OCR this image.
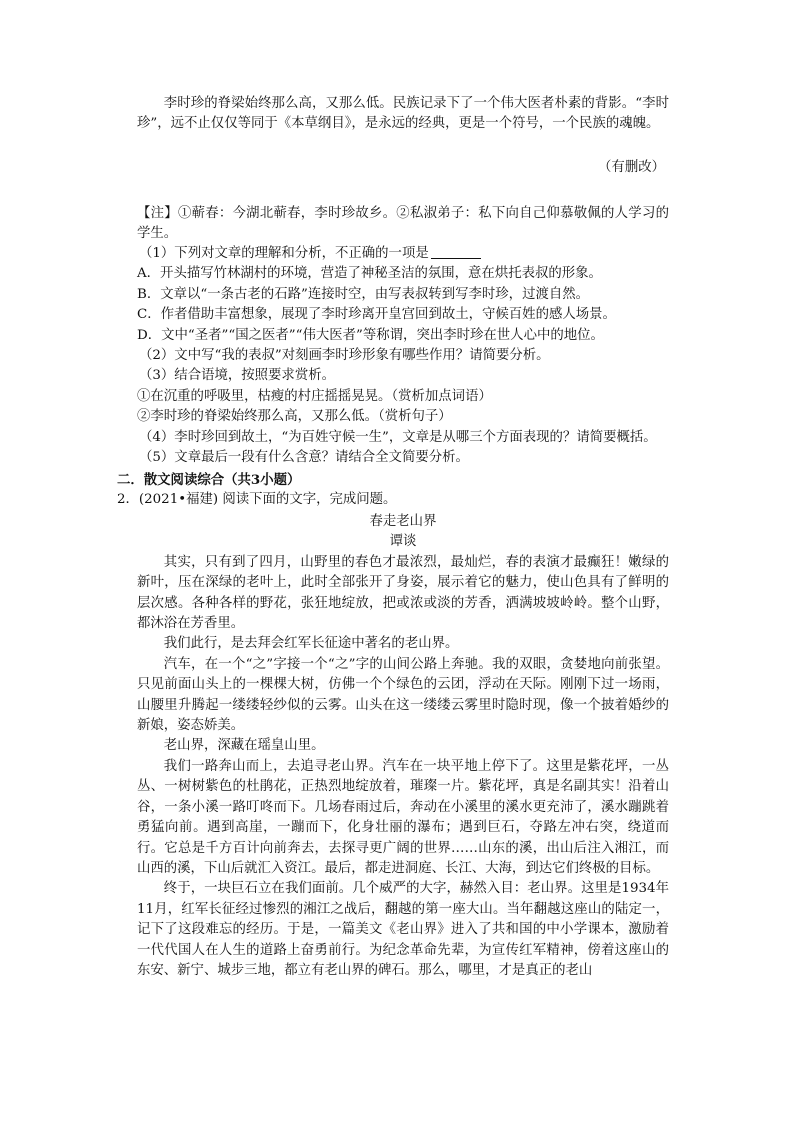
李时珍的脊梁始终那么高，又那么低。民族记录下了一个伟大医者朴素的背影。“李时珍”，远不止仅仅等同于《本草纲目》，是永远的经典，更是一个符号，一个民族的魂魄。

（有删改）

【注】①蕲春：今湖北蕲春，李时珍故乡。②私淑弟子：私下向自己仰慕敬佩的人学习的学生。

（1）下列对文章的理解和分析，不正确的一项是

A．开头描写竹林湖村的环境，营造了神秘圣洁的氛围，意在烘托表叔的形象。

B．文章以“一条古老的石路”连接时空，由写表叔转到写李时珍，过渡自然。

C．作者借助丰富想象，展现了李时珍离开皇宫回到故土，守候百姓的感人场景。

D．文中“圣者”“国之医者”“伟大医者”等称谓，突出李时珍在世人心中的地位。

（2）文中写“我的表叔”对刻画李时珍形象有哪些作用？请简要分析。

（3）结合语境，按照要求赏析。

①在沉重的呼吸里，枯瘦的村庄摇摇晃晃。（赏析加点词语）

②李时珍的脊梁始终那么高，又那么低。（赏析句子）

（4）李时珍回到故土，“为百姓守候一生”，文章是从哪三个方面表现的？请简要概括。

（5）文章最后一段有什么含意？请结合全文简要分析。

二．散文阅读综合（共3小题）

2．(2021•福建) 阅读下面的文字，完成问题。

春走老山界

谭谈

其实，只有到了四月，山野里的春色才最浓烈，最灿烂，春的表演才最癫狂！嫩绿的新叶，压在深绿的老叶上，此时全部张开了身姿，展示着它的魅力，使山色具有了鲜明的层次感。各种各样的野花，张狂地绽放，把或浓或淡的芳香，洒满坡坡岭岭。整个山野，都沐浴在芳香里。

我们此行，是去拜会红军长征途中著名的老山界。

汽车，在一个“之”字接一个“之”字的山间公路上奔驰。我的双眼，贪婪地向前张望。只见前面山头上的一棵棵大树，仿佛一个个绿色的云团，浮动在天际。刚刚下过一场雨，山腰里升腾起一缕缕轻纱似的云雾。山头在这一缕缕云雾里时隐时现，像一个披着婚纱的新娘，姿态娇美。

老山界，深藏在瑶皇山里。

我们一路奔山而上，去追寻老山界。汽车在一块平地上停下了。这里是紫花坪，一丛丛、一树树紫色的杜鹃花，正热烈地绽放着，璀璨一片。紫花坪，真是名副其实！沿着山谷，一条小溪一路叮咚而下。几场春雨过后，奔动在小溪里的溪水更充沛了，溪水蹦跳着勇猛向前。遇到高崖，一蹦而下，化身壮丽的瀑布；遇到巨石，夺路左冲右突，绕道而行。它总是千方百计向前奔去，去探寻更广阔的世界……山东的溪，出山后注入湘江，而山西的溪，下山后就汇入资江。最后，都走进洞庭、长江、大海，到达它们终极的目标。

终于，一块巨石立在我们面前。几个威严的大字，赫然入目：老山界。这里是1934年11月，红军长征经过惨烈的湘江之战后，翻越的第一座大山。当年翻越这座山的陆定一，记下了这段难忘的经历。于是，一篇美文《老山界》进入了共和国的中小学课本，激励着一代代国人在人生的道路上奋勇前行。为纪念革命先辈，为宣传红军精神，傍着这座山的东安、新宁、城步三地，都立有老山界的碑石。那么，哪里，才是真正的老山
